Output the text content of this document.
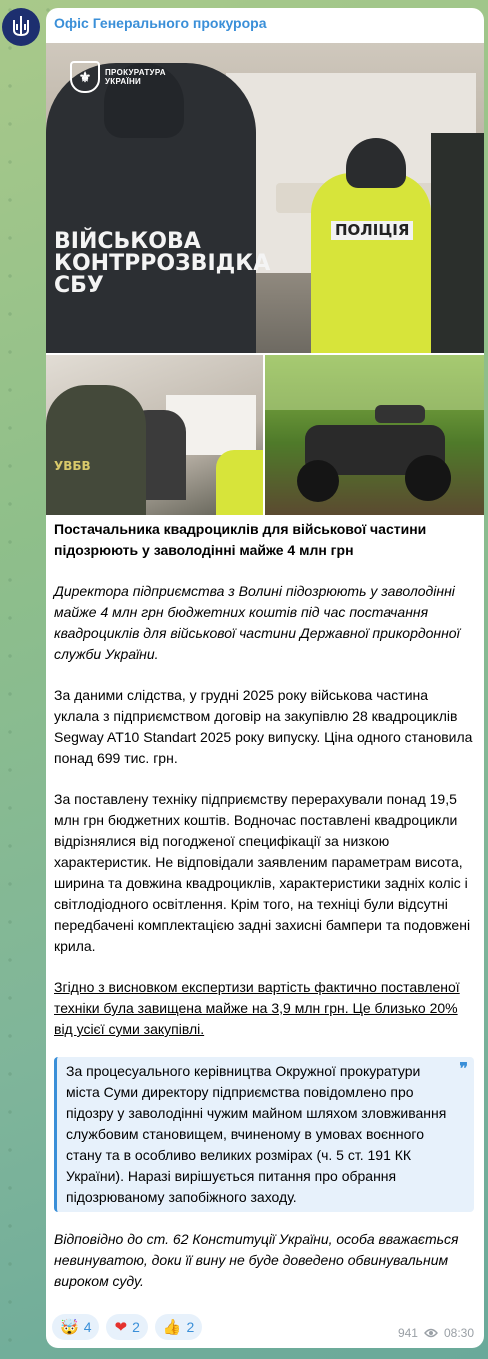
Офіс Генерального прокурора
ВІЙСЬКОВА КОНТРРОЗВІДКА СБУ
ПОЛІЦІЯ
⚜	ПРОКУРАТУРА УКРАЇНИ
УВБВ
Постачальника квадроциклів для військової частини підозрюють у заволодінні майже 4 млн грн
Директора підприємства з Волині підозрюють у заволодінні майже 4 млн грн бюджетних коштів під час постачання квадроциклів для військової частини Державної прикордонної служби України.
За даними слідства, у грудні 2025 року військова частина уклала з підприємством договір на закупівлю 28 квадроциклів Segway AT10 Standart 2025 року випуску. Ціна одного становила понад 699 тис. грн.
За поставлену техніку підприємству перерахували понад 19,5 млн грн бюджетних коштів. Водночас поставлені квадроцикли відрізнялися від погодженої специфікації за низкою характеристик. Не відповідали заявленим параметрам висота, ширина та довжина квадроциклів, характеристики задніх коліс і світлодіодного освітлення. Крім того, на техніці були відсутні передбачені комплектацією задні захисні бампери та подовжені крила.
Згідно з висновком експертизи вартість фактично поставленої техніки була завищена майже на 3,9 млн грн. Це близько 20% від усієї суми закупівлі.
❞
За процесуального керівництва Окружної прокуратури міста Суми директору підприємства повідомлено про підозру у заволодінні чужим майном шляхом зловживання службовим становищем, вчиненому в умовах воєнного стану та в особливо великих розмірах (ч. 5 ст. 191 КК України). Наразі вирішується питання про обрання підозрюваному запобіжного заходу.
Відповідно до ст. 62 Конституції України, особа вважається невинуватою, доки її вину не буде доведено обвинувальним вироком суду.
🤯 4 ❤ 2 👍 2	941 08:30
